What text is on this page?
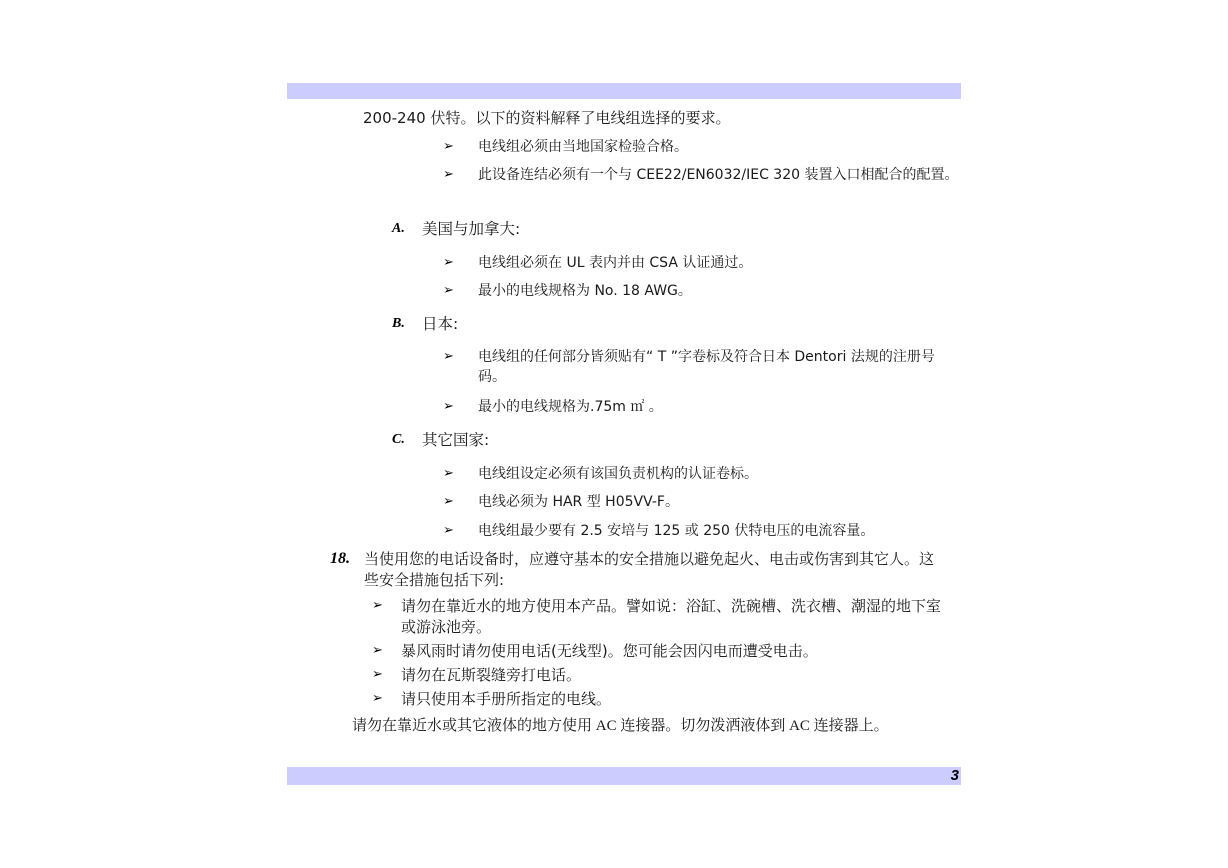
200-240 伏特。以下的资料解释了电线组选择的要求。
➢ 电线组必须由当地国家检验合格。
➢ 此设备连结必须有一个与 CEE22/EN6032/IEC 320 装置入口相配合的配置。
A. 美国与加拿大:
➢ 电线组必须在 UL 表内并由 CSA 认证通过。
➢ 最小的电线规格为 No. 18 AWG。
B. 日本:
➢ 电线组的任何部分皆须贴有“ T ”字卷标及符合日本 Dentori 法规的注册号码。
➢ 最小的电线规格为.75m ㎡ 。
C. 其它国家:
➢ 电线组设定必须有该国负责机构的认证卷标。
➢ 电线必须为 HAR 型 H05VV-F。
➢ 电线组最少要有 2.5 安培与 125 或 250 伏特电压的电流容量。
18. 当使用您的电话设备时，应遵守基本的安全措施以避免起火、电击或伤害到其它人。这些安全措施包括下列:
➢ 请勿在靠近水的地方使用本产品。譬如说：浴缸、洗碗槽、洗衣槽、潮湿的地下室或游泳池旁。
➢ 暴风雨时请勿使用电话(无线型)。您可能会因闪电而遭受电击。
➢ 请勿在瓦斯裂缝旁打电话。
➢ 请只使用本手册所指定的电线。
请勿在靠近水或其它液体的地方使用 AC 连接器。切勿泼洒液体到 AC 连接器上。
3
